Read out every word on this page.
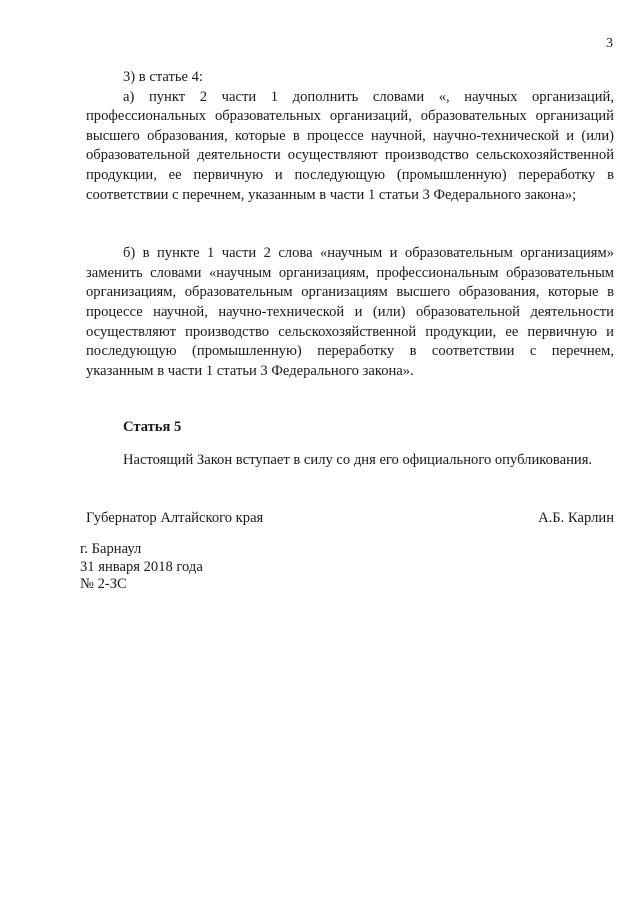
3

3) в статье 4:

а) пункт 2 части 1 дополнить словами «, научных организаций, профессиональных образовательных организаций, образовательных организаций высшего образования, которые в процессе научной, научно-технической и (или) образовательной деятельности осуществляют производство сельскохозяйственной продукции, ее первичную и последующую (промышленную) переработку в соответствии с перечнем, указанным в части 1 статьи 3 Федерального закона»;

б) в пункте 1 части 2 слова «научным и образовательным организациям» заменить словами «научным организациям, профессиональным образовательным организациям, образовательным организациям высшего образования, которые в процессе научной, научно-технической и (или) образовательной деятельности осуществляют производство сельскохозяйственной продукции, ее первичную и последующую (промышленную) переработку в соответствии с перечнем, указанным в части 1 статьи 3 Федерального закона».

Статья 5

Настоящий Закон вступает в силу со дня его официального опубликования.

Губернатор Алтайского края	А.Б. Карлин
г. Барнаул
31 января 2018 года
№ 2-ЗС
